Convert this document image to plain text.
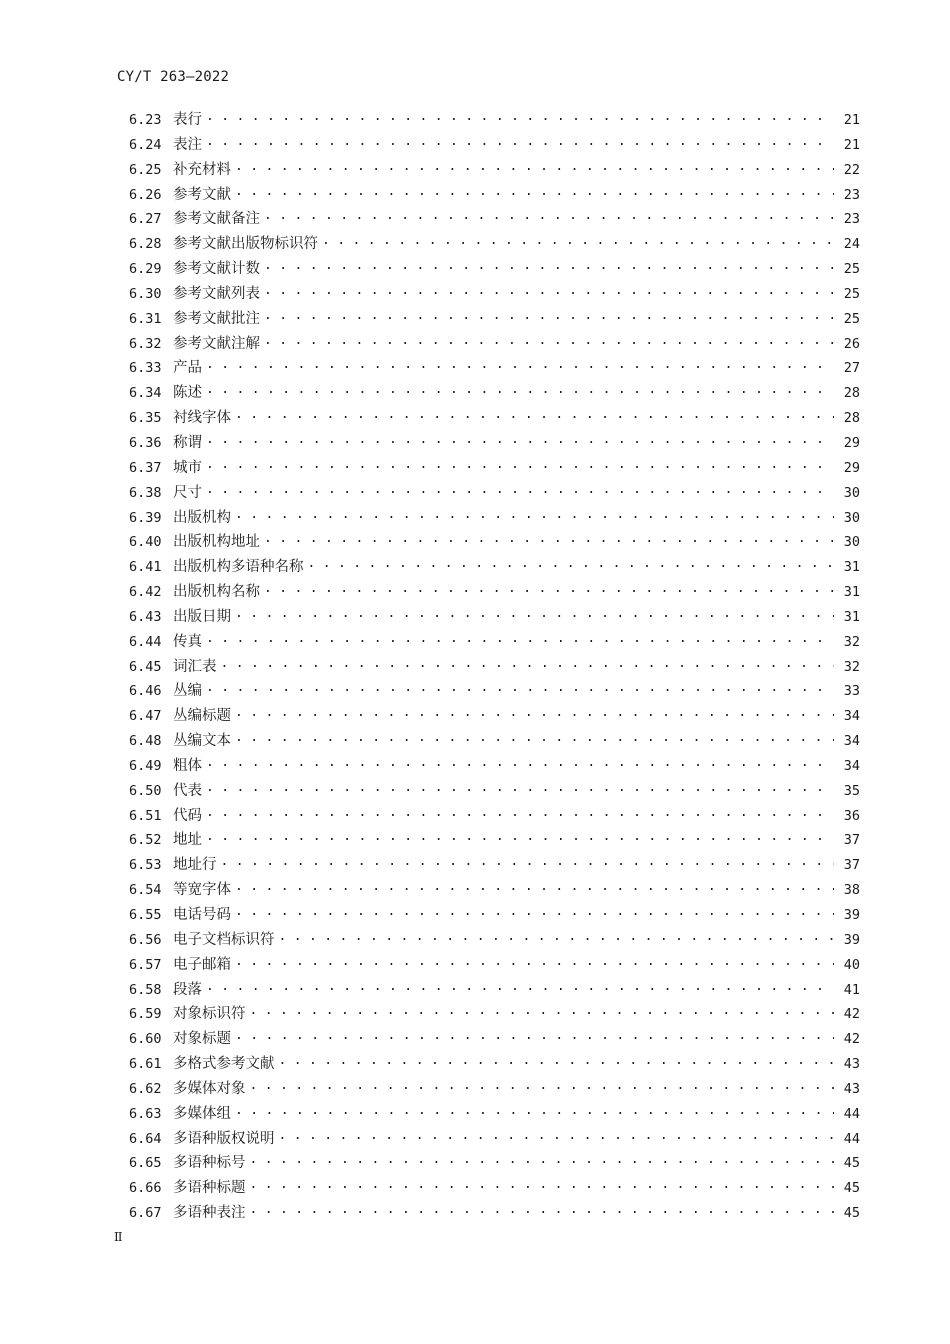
CY/T 263—2022
6.23 表行 . . .	21
6.24 表注 . . .	21
6.25 补充材料 . . .	22
6.26 参考文献 . . .	23
6.27 参考文献备注 . . .	23
6.28 参考文献出版物标识符 . . .	24
6.29 参考文献计数 . . .	25
6.30 参考文献列表 . . .	25
6.31 参考文献批注 . . .	25
6.32 参考文献注解 . . .	26
6.33 产品 . . .	27
6.34 陈述 . . .	28
6.35 衬线字体 . . .	28
6.36 称谓 . . .	29
6.37 城市 . . .	29
6.38 尺寸 . . .	30
6.39 出版机构 . . .	30
6.40 出版机构地址 . . .	30
6.41 出版机构多语种名称 . . .	31
6.42 出版机构名称 . . .	31
6.43 出版日期 . . .	31
6.44 传真 . . .	32
6.45 词汇表 . . .	32
6.46 丛编 . . .	33
6.47 丛编标题 . . .	34
6.48 丛编文本 . . .	34
6.49 粗体 . . .	34
6.50 代表 . . .	35
6.51 代码 . . .	36
6.52 地址 . . .	37
6.53 地址行 . . .	37
6.54 等宽字体 . . .	38
6.55 电话号码 . . .	39
6.56 电子文档标识符 . . .	39
6.57 电子邮箱 . . .	40
6.58 段落 . . .	41
6.59 对象标识符 . . .	42
6.60 对象标题 . . .	42
6.61 多格式参考文献 . . .	43
6.62 多媒体对象 . . .	43
6.63 多媒体组 . . .	44
6.64 多语种版权说明 . . .	44
6.65 多语种标号 . . .	45
6.66 多语种标题 . . .	45
6.67 多语种表注 . . .	45
II
